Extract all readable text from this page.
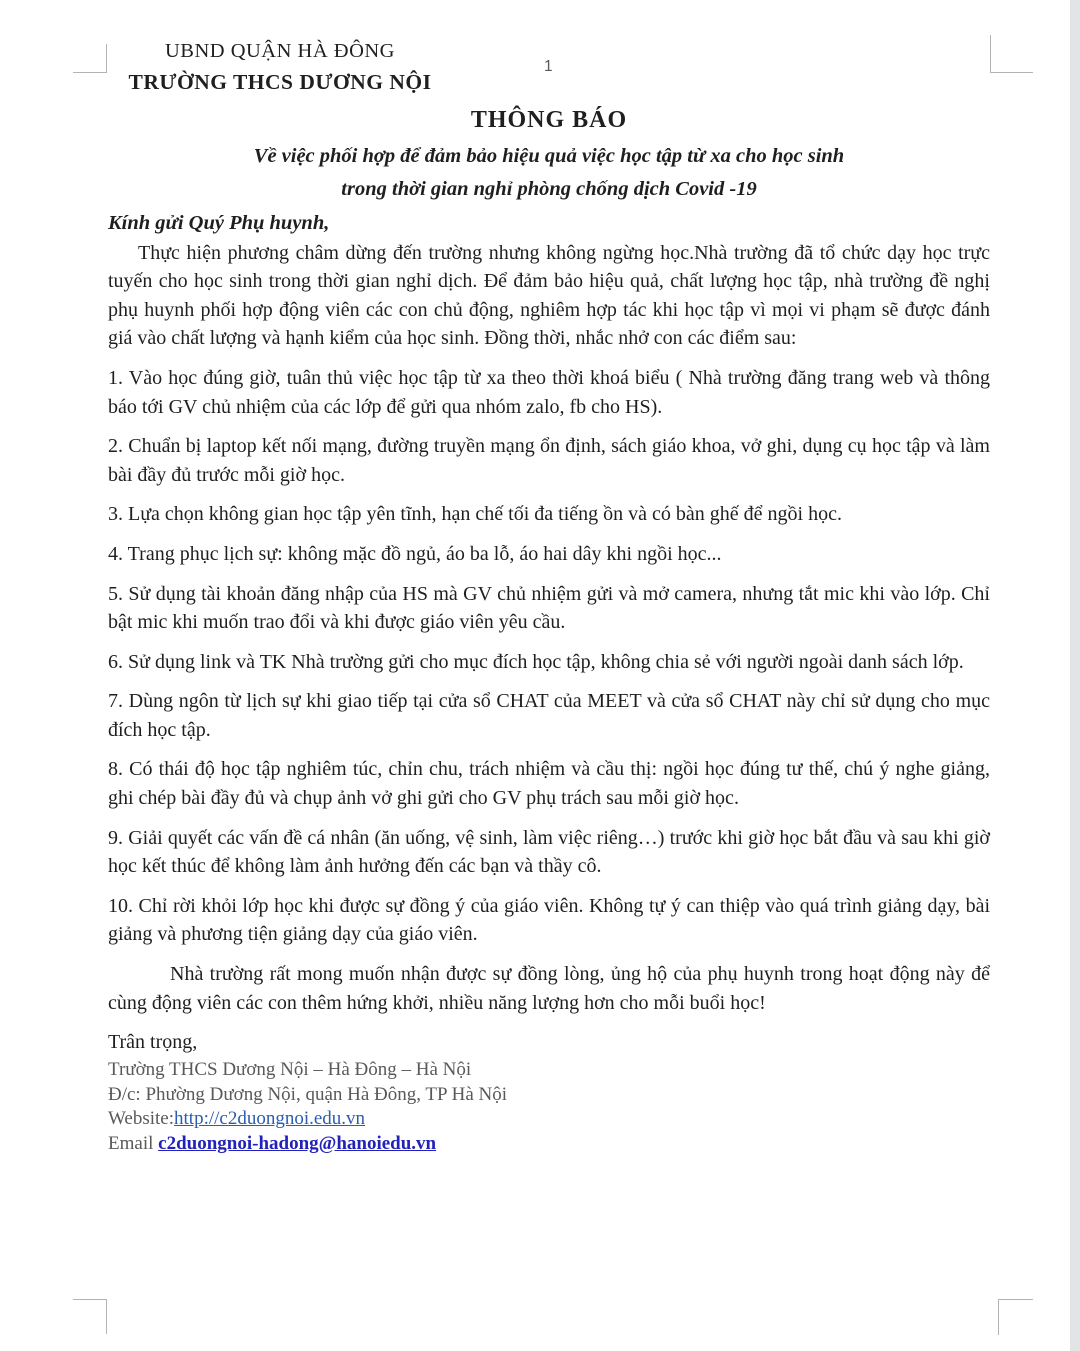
1
UBND QUẬN HÀ ĐÔNG
TRƯỜNG THCS DƯƠNG NỘI
THÔNG BÁO
Về việc phối hợp để đảm bảo hiệu quả việc học tập từ xa cho học sinh
trong thời gian nghỉ phòng chống dịch Covid -19
Kính gửi Quý Phụ huynh,

Thực hiện phương châm dừng đến trường nhưng không ngừng học.Nhà trường đã tổ chức dạy học trực tuyến cho học sinh trong thời gian nghỉ dịch. Để đảm bảo hiệu quả, chất lượng học tập, nhà trường đề nghị phụ huynh phối hợp động viên các con chủ động, nghiêm hợp tác khi học tập vì mọi vi phạm sẽ được đánh giá vào chất lượng và hạnh kiểm của học sinh. Đồng thời, nhắc nhở con các điểm sau:

1. Vào học đúng giờ, tuân thủ việc học tập từ xa theo thời khoá biểu ( Nhà trường đăng trang web và thông báo tới GV chủ nhiệm của các lớp để gửi qua nhóm zalo, fb cho HS).

2. Chuẩn bị laptop kết nối mạng, đường truyền mạng ổn định, sách giáo khoa, vở ghi, dụng cụ học tập và làm bài đầy đủ trước mỗi giờ học.

3. Lựa chọn không gian học tập yên tĩnh, hạn chế tối đa tiếng ồn và có bàn ghế để ngồi học.

4. Trang phục lịch sự: không mặc đồ ngủ, áo ba lỗ, áo hai dây khi ngồi học...

5. Sử dụng tài khoản đăng nhập của HS mà GV chủ nhiệm gửi và mở camera, nhưng tắt mic khi vào lớp. Chỉ bật mic khi muốn trao đổi và khi được giáo viên yêu cầu.

6. Sử dụng link và TK Nhà trường gửi cho mục đích học tập, không chia sẻ với người ngoài danh sách lớp.

7. Dùng ngôn từ lịch sự khi giao tiếp tại cửa sổ CHAT của MEET và cửa sổ CHAT này chỉ sử dụng cho mục đích học tập.

8. Có thái độ học tập nghiêm túc, chỉn chu, trách nhiệm và cầu thị: ngồi học đúng tư thế, chú ý nghe giảng, ghi chép bài đầy đủ và chụp ảnh vở ghi gửi cho GV phụ trách sau mỗi giờ học.

9. Giải quyết các vấn đề cá nhân (ăn uống, vệ sinh, làm việc riêng…) trước khi giờ học bắt đầu và sau khi giờ học kết thúc để không làm ảnh hưởng đến các bạn và thầy cô.

10. Chỉ rời khỏi lớp học khi được sự đồng ý của giáo viên. Không tự ý can thiệp vào quá trình giảng dạy, bài giảng và phương tiện giảng dạy của giáo viên.

Nhà trường rất mong muốn nhận được sự đồng lòng, ủng hộ của phụ huynh trong hoạt động này để cùng động viên các con thêm hứng khởi, nhiều năng lượng hơn cho mỗi buổi học!

Trân trọng,
Trường THCS Dương Nội – Hà Đông – Hà Nội
Đ/c: Phường Dương Nội, quận Hà Đông, TP Hà Nội
Website:http://c2duongnoi.edu.vn
Email c2duongnoi-hadong@hanoiedu.vn
